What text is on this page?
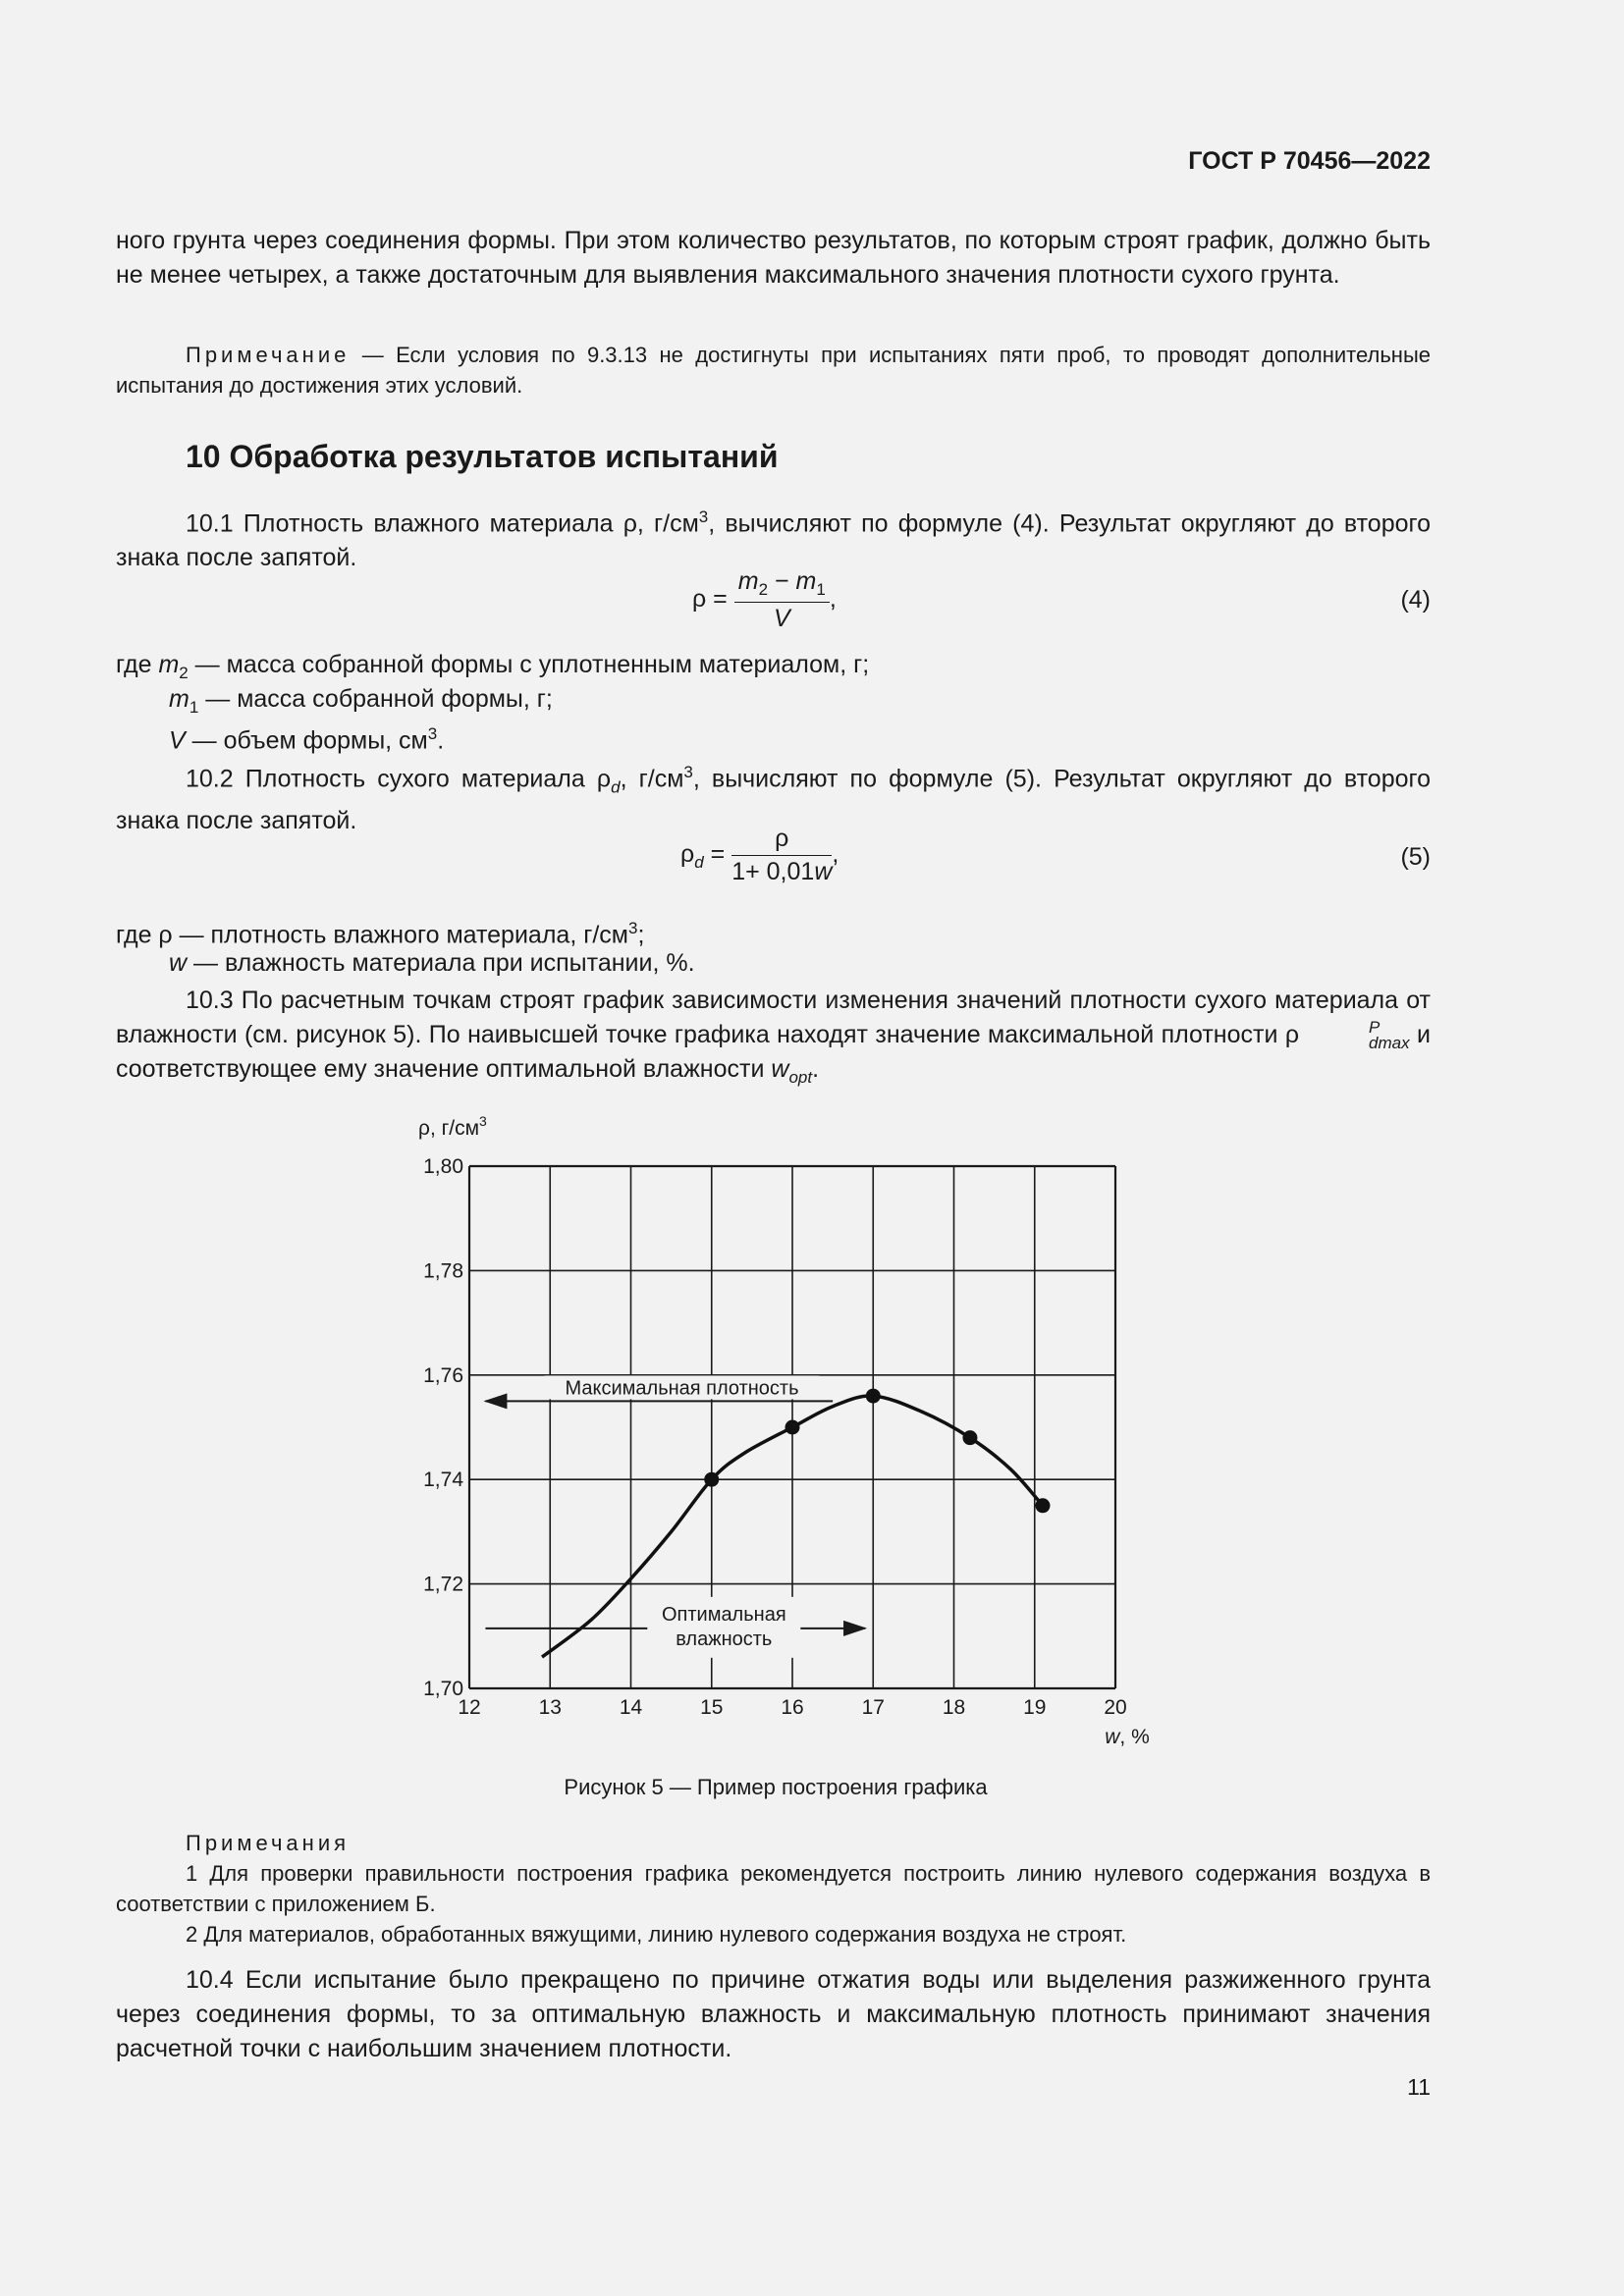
ГОСТ Р 70456—2022
ного грунта через соединения формы. При этом количество результатов, по которым строят график, должно быть не менее четырех, а также достаточным для выявления максимального значения плотности сухого грунта.
Примечание — Если условия по 9.3.13 не достигнуты при испытаниях пяти проб, то проводят дополнительные испытания до достижения этих условий.
10 Обработка результатов испытаний
10.1 Плотность влажного материала ρ, $г/см^3$, вычисляют по формуле (4). Результат округляют до второго знака после запятой.
$\rho = \frac{m_2 - m_1}{V}$ ,	(4)
где $m_2$ — масса собранной формы с уплотненным материалом, г;
$m_1$ — масса собранной формы, г;
V — объем формы, $см^3$.
10.2 Плотность сухого материала $\rho_d$, $г/см^3$, вычисляют по формуле (5). Результат округляют до второго знака после запятой.
$\rho_d = \frac{\rho}{1+ 0,01w}$ ,	(5)
где ρ — плотность влажного материала, $г/см^3$;
w — влажность материала при испытании, %.
10.3 По расчетным точкам строят график зависимости изменения значений плотности сухого материала от влажности (см. рисунок 5). По наивысшей точке графика находят значение максимальной плотности ρ	P
dmax и соответствующее ему значение оптимальной влажности $w_{opt}$.
1,70
1,72
1,74
1,76
1,78
1,80
12	13	14	15	16	17	18	19	20
ρ, $г/см^3$
w, %
Максимальная плотность
Оптимальная
влажность
Рисунок 5 — Пример построения графика
Примечания
1 Для проверки правильности построения графика рекомендуется построить линию нулевого содержания воздуха в соответствии с приложением Б.
2 Для материалов, обработанных вяжущими, линию нулевого содержания воздуха не строят.
10.4 Если испытание было прекращено по причине отжатия воды или выделения разжиженного грунта через соединения формы, то за оптимальную влажность и максимальную плотность принимают значения расчетной точки с наибольшим значением плотности.
11
